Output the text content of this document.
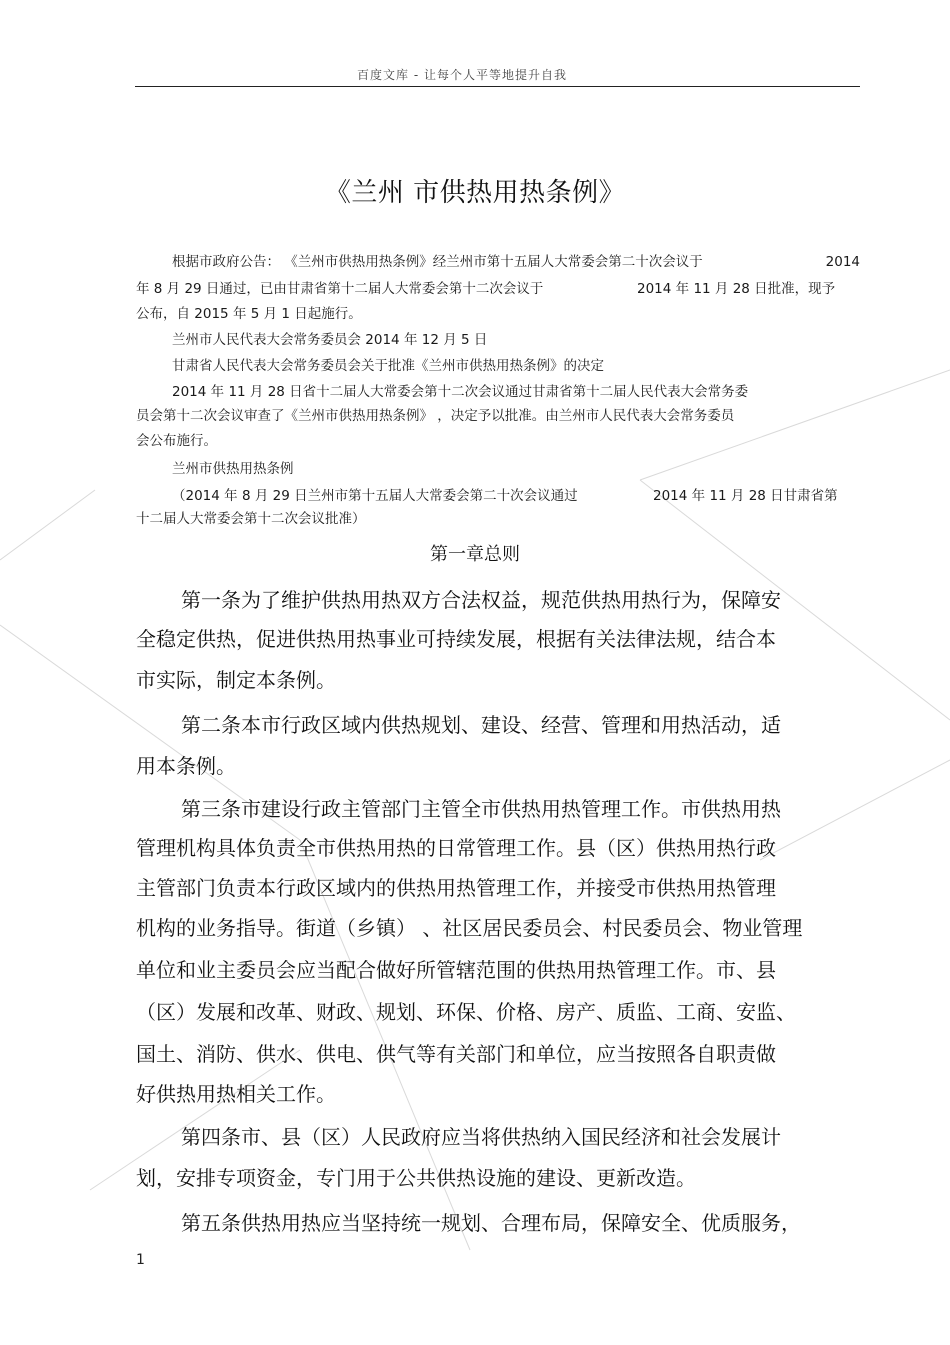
百度文库 - 让每个人平等地提升自我
《兰州 市供热用热条例》
根据市政府公告： 《兰州市供热用热条例》经兰州市第十五届人大常委会第二十次会议于	2014
年 8 月 29 日通过，已由甘肃省第十二届人大常委会第十二次会议于	2014 年 11 月 28 日批准，现予
公布，自 2015 年 5 月 1 日起施行。
兰州市人民代表大会常务委员会 2014 年 12 月 5 日
甘肃省人民代表大会常务委员会关于批准《兰州市供热用热条例》的决定
2014 年 11 月 28 日省十二届人大常委会第十二次会议通过甘肃省第十二届人民代表大会常务委
员会第十二次会议审查了《兰州市供热用热条例》 ，决定予以批准。由兰州市人民代表大会常务委员
会公布施行。
兰州市供热用热条例
（2014 年 8 月 29 日兰州市第十五届人大常委会第二十次会议通过	2014 年 11 月 28 日甘肃省第
十二届人大常委会第十二次会议批准）
第一章总则
第一条为了维护供热用热双方合法权益，规范供热用热行为，保障安
全稳定供热，促进供热用热事业可持续发展，根据有关法律法规，结合本
市实际，制定本条例。
第二条本市行政区域内供热规划、建设、经营、管理和用热活动，适
用本条例。
第三条市建设行政主管部门主管全市供热用热管理工作。市供热用热
管理机构具体负责全市供热用热的日常管理工作。县（区）供热用热行政
主管部门负责本行政区域内的供热用热管理工作，并接受市供热用热管理
机构的业务指导。街道（乡镇） 、社区居民委员会、村民委员会、物业管理
单位和业主委员会应当配合做好所管辖范围的供热用热管理工作。市、县
（区）发展和改革、财政、规划、环保、价格、房产、质监、工商、安监、
国土、消防、供水、供电、供气等有关部门和单位，应当按照各自职责做
好供热用热相关工作。
第四条市、县（区）人民政府应当将供热纳入国民经济和社会发展计
划，安排专项资金，专门用于公共供热设施的建设、更新改造。
第五条供热用热应当坚持统一规划、合理布局，保障安全、优质服务，
1
